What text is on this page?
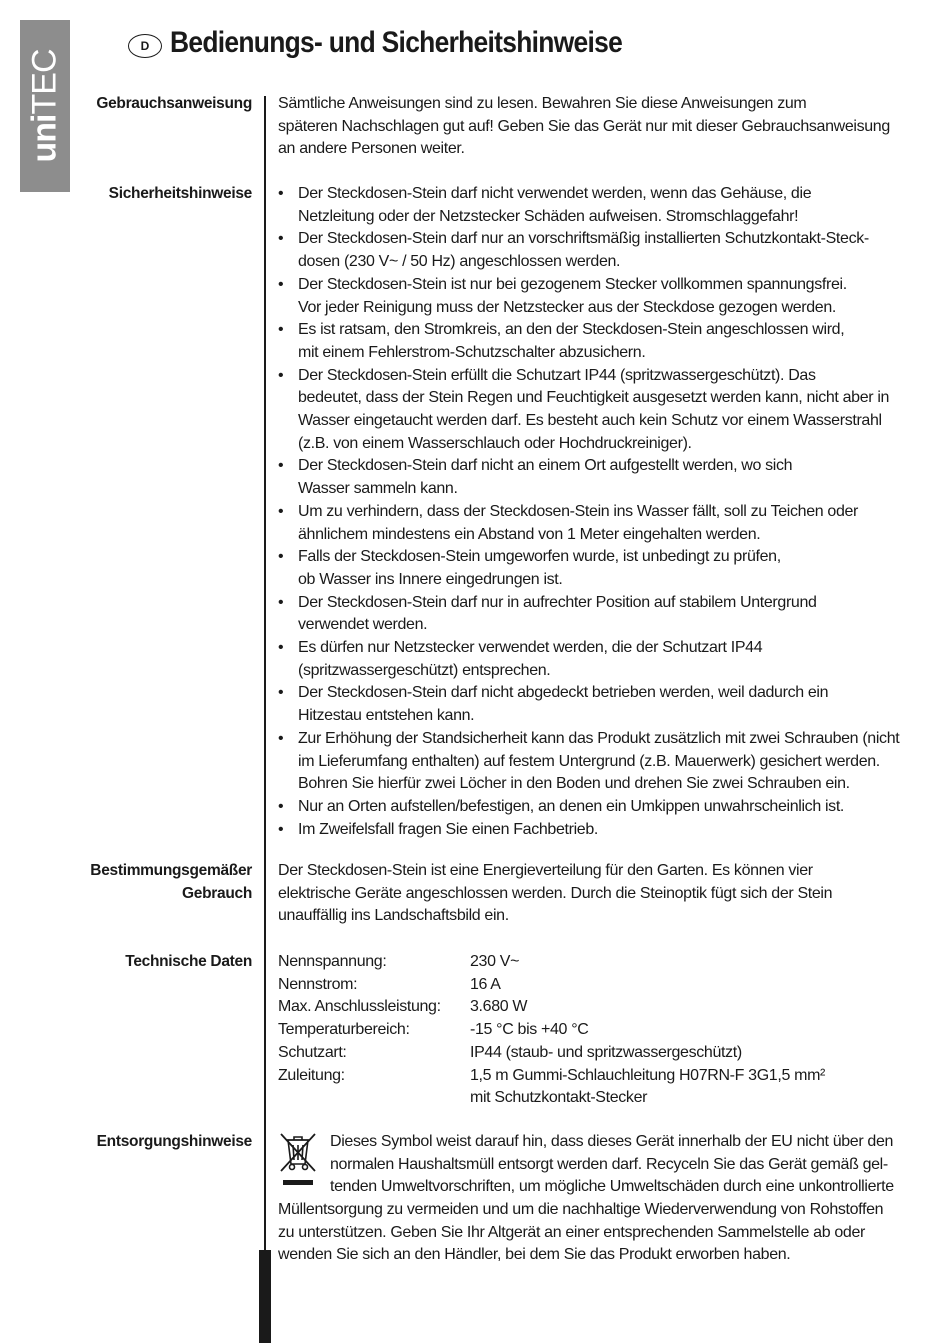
uniTEC
D Bedienungs- und Sicherheitshinweise
Gebrauchsanweisung Sämtliche Anweisungen sind zu lesen. Bewahren Sie diese Anweisungen zum

späteren Nachschlagen gut auf! Geben Sie das Gerät nur mit dieser Gebrauchsanweisung

an andere Personen weiter.

Sicherheitshinweise
•	Der Steckdosen-Stein darf nicht verwendet werden, wenn das Gehäuse, die
Netzleitung oder der Netzstecker Schäden aufweisen. Stromschlaggefahr!
• Der Steckdosen-Stein darf nur an vorschriftsmäßig installierten Schutzkontakt-Steck-
dosen (230 V~ / 50 Hz) angeschlossen werden.
• Der Steckdosen-Stein ist nur bei gezogenem Stecker vollkommen spannungsfrei.
Vor jeder Reinigung muss der Netzstecker aus der Steckdose gezogen werden.
• Es ist ratsam, den Stromkreis, an den der Steckdosen-Stein angeschlossen wird,
mit einem Fehlerstrom-Schutzschalter abzusichern.
• Der Steckdosen-Stein erfüllt die Schutzart IP44 (spritzwassergeschützt). Das
bedeutet, dass der Stein Regen und Feuchtigkeit ausgesetzt werden kann, nicht aber in
Wasser eingetaucht werden darf. Es besteht auch kein Schutz vor einem Wasserstrahl
(z.B. von einem Wasserschlauch oder Hochdruckreiniger).
• Der Steckdosen-Stein darf nicht an einem Ort aufgestellt werden, wo sich
Wasser sammeln kann.
• Um zu verhindern, dass der Steckdosen-Stein ins Wasser fällt, soll zu Teichen oder
ähnlichem mindestens ein Abstand von 1 Meter eingehalten werden.
• Falls der Steckdosen-Stein umgeworfen wurde, ist unbedingt zu prüfen,
ob Wasser ins Innere eingedrungen ist.
• Der Steckdosen-Stein darf nur in aufrechter Position auf stabilem Untergrund
verwendet werden.
• Es dürfen nur Netzstecker verwendet werden, die der Schutzart IP44
(spritzwassergeschützt) entsprechen.
• Der Steckdosen-Stein darf nicht abgedeckt betrieben werden, weil dadurch ein
Hitzestau entstehen kann.
• Zur Erhöhung der Standsicherheit kann das Produkt zusätzlich mit zwei Schrauben (nicht
im Lieferumfang enthalten) auf festem Untergrund (z.B. Mauerwerk) gesichert werden.
Bohren Sie hierfür zwei Löcher in den Boden und drehen Sie zwei Schrauben ein.
• Nur an Orten aufstellen/befestigen, an denen ein Umkippen unwahrscheinlich ist.
• Im Zweifelsfall fragen Sie einen Fachbetrieb.
Bestimmungsgemäßer
Gebrauch

Der Steckdosen-Stein ist eine Energieverteilung für den Garten. Es können vier

elektrische Geräte angeschlossen werden. Durch die Steinoptik fügt sich der Stein

unauffällig ins Landschaftsbild ein.

Technische Daten Nennspannung:	230 V~
Nennstrom:	16 A
Max. Anschlussleistung:	3.680 W
Temperaturbereich:	-15 °C bis +40 °C
Schutzart:	IP44 (staub- und spritzwassergeschützt)
Zuleitung:	1,5 m Gummi-Schlauchleitung H07RN-F 3G1,5 mm²
mit Schutzkontakt-Stecker
Entsorgungshinweise	Dieses Symbol weist darauf hin, dass dieses Gerät innerhalb der EU nicht über den

normalen Haushaltsmüll entsorgt werden darf. Recyceln Sie das Gerät gemäß gel-

tenden Umweltvorschriften, um mögliche Umweltschäden durch eine unkontrollierte

Müllentsorgung zu vermeiden und um die nachhaltige Wiederverwendung von Rohstoffen

zu unterstützen. Geben Sie Ihr Altgerät an einer entsprechenden Sammelstelle ab oder

wenden Sie sich an den Händler, bei dem Sie das Produkt erworben haben.
